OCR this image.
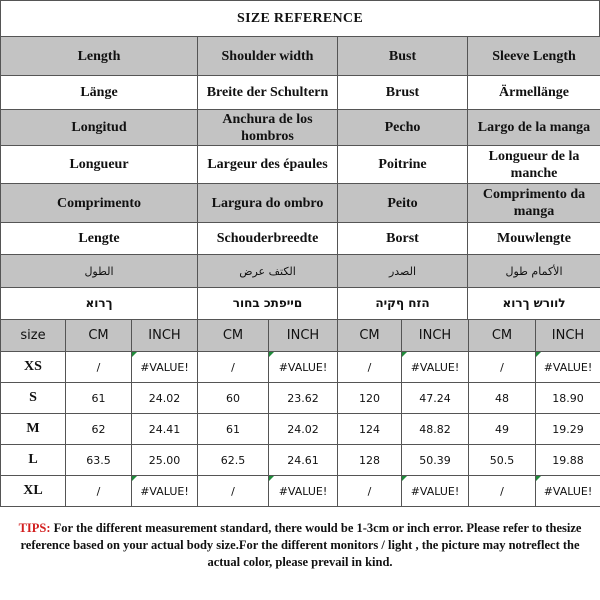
SIZE REFERENCE
Length	Shoulder width	Bust	Sleeve Length
Länge	Breite der Schultern	Brust	Ärmellänge
Longitud	Anchura de los hombros	Pecho	Largo de la manga
Longueur	Largeur des épaules	Poitrine	Longueur de la manche
Comprimento	Largura do ombro	Peito	Comprimento da manga
Lengte	Schouderbreedte	Borst	Mouwlengte
الطول	الكتف عرض	الصدر	الأكمام طول
ךרוא	םייפתכ בחור	הזח ףקיה	לוורש ךרוא
size	CM	INCH	CM	INCH	CM	INCH	CM	INCH
XS	/	#VALUE!	/	#VALUE!	/	#VALUE!	/	#VALUE!
S	61	24.02	60	23.62	120	47.24	48	18.90
M	62	24.41	61	24.02	124	48.82	49	19.29
L	63.5	25.00	62.5	24.61	128	50.39	50.5	19.88
XL	/	#VALUE!	/	#VALUE!	/	#VALUE!	/	#VALUE!
TIPS: For the different measurement standard, there would be 1-3cm or inch error. Please refer to thesize reference based on your actual body size.For the different monitors / light , the picture may notreflect the actual color, please prevail in kind.
